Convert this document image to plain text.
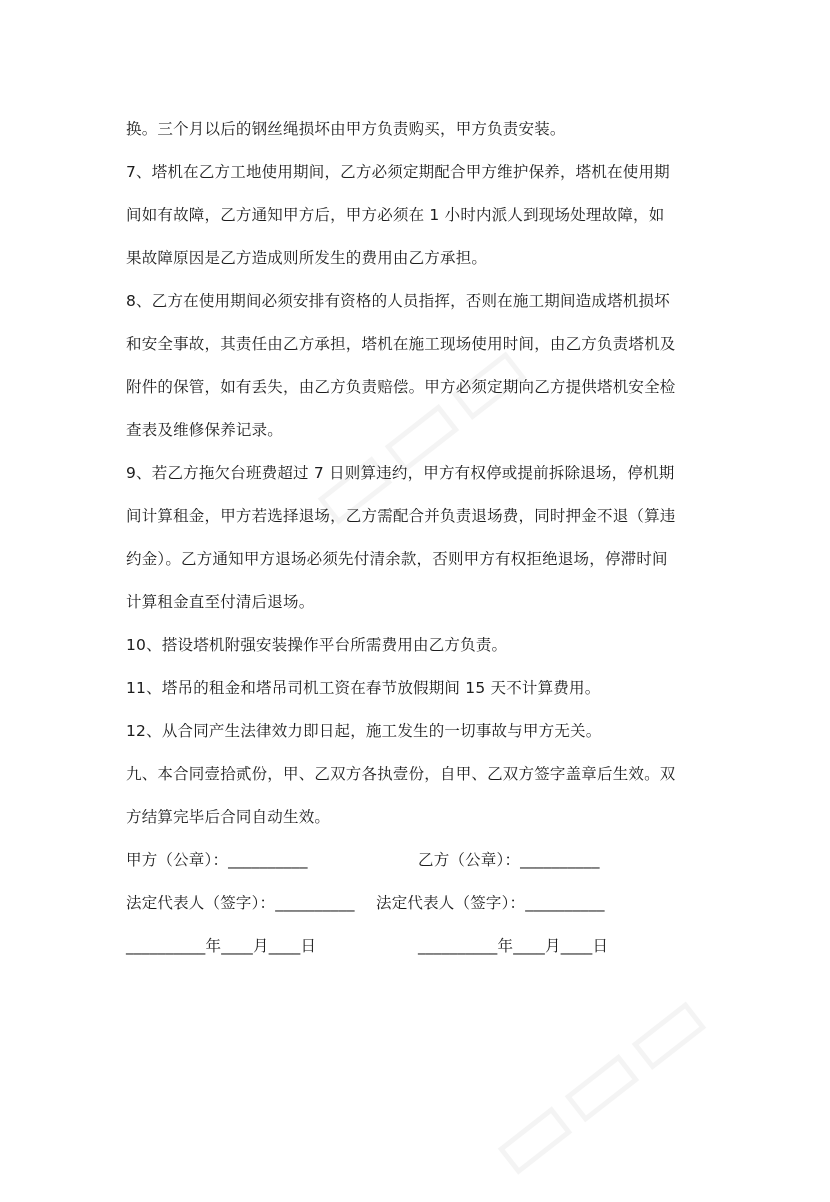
换。三个月以后的钢丝绳损坏由甲方负责购买，甲方负责安装。

7、塔机在乙方工地使用期间，乙方必须定期配合甲方维护保养，塔机在使用期
间如有故障，乙方通知甲方后，甲方必须在 1 小时内派人到现场处理故障，如
果故障原因是乙方造成则所发生的费用由乙方承担。

8、乙方在使用期间必须安排有资格的人员指挥，否则在施工期间造成塔机损坏
和安全事故，其责任由乙方承担，塔机在施工现场使用时间，由乙方负责塔机及
附件的保管，如有丢失，由乙方负责赔偿。甲方必须定期向乙方提供塔机安全检
查表及维修保养记录。

9、若乙方拖欠台班费超过 7 日则算违约，甲方有权停或提前拆除退场，停机期
间计算租金，甲方若选择退场，乙方需配合并负责退场费，同时押金不退（算违
约金）。乙方通知甲方退场必须先付清余款，否则甲方有权拒绝退场，停滞时间
计算租金直至付清后退场。

10、搭设塔机附强安装操作平台所需费用由乙方负责。

11、塔吊的租金和塔吊司机工资在春节放假期间 15 天不计算费用。

12、从合同产生法律效力即日起，施工发生的一切事故与甲方无关。

九、本合同壹拾贰份，甲、乙双方各执壹份，自甲、乙双方签字盖章后生效。双
方结算完毕后合同自动生效。

甲方（公章）：__________	乙方（公章）：__________
法定代表人（签字）：__________ 法定代表人（签字）：__________
__________年____月____日	__________年____月____日
